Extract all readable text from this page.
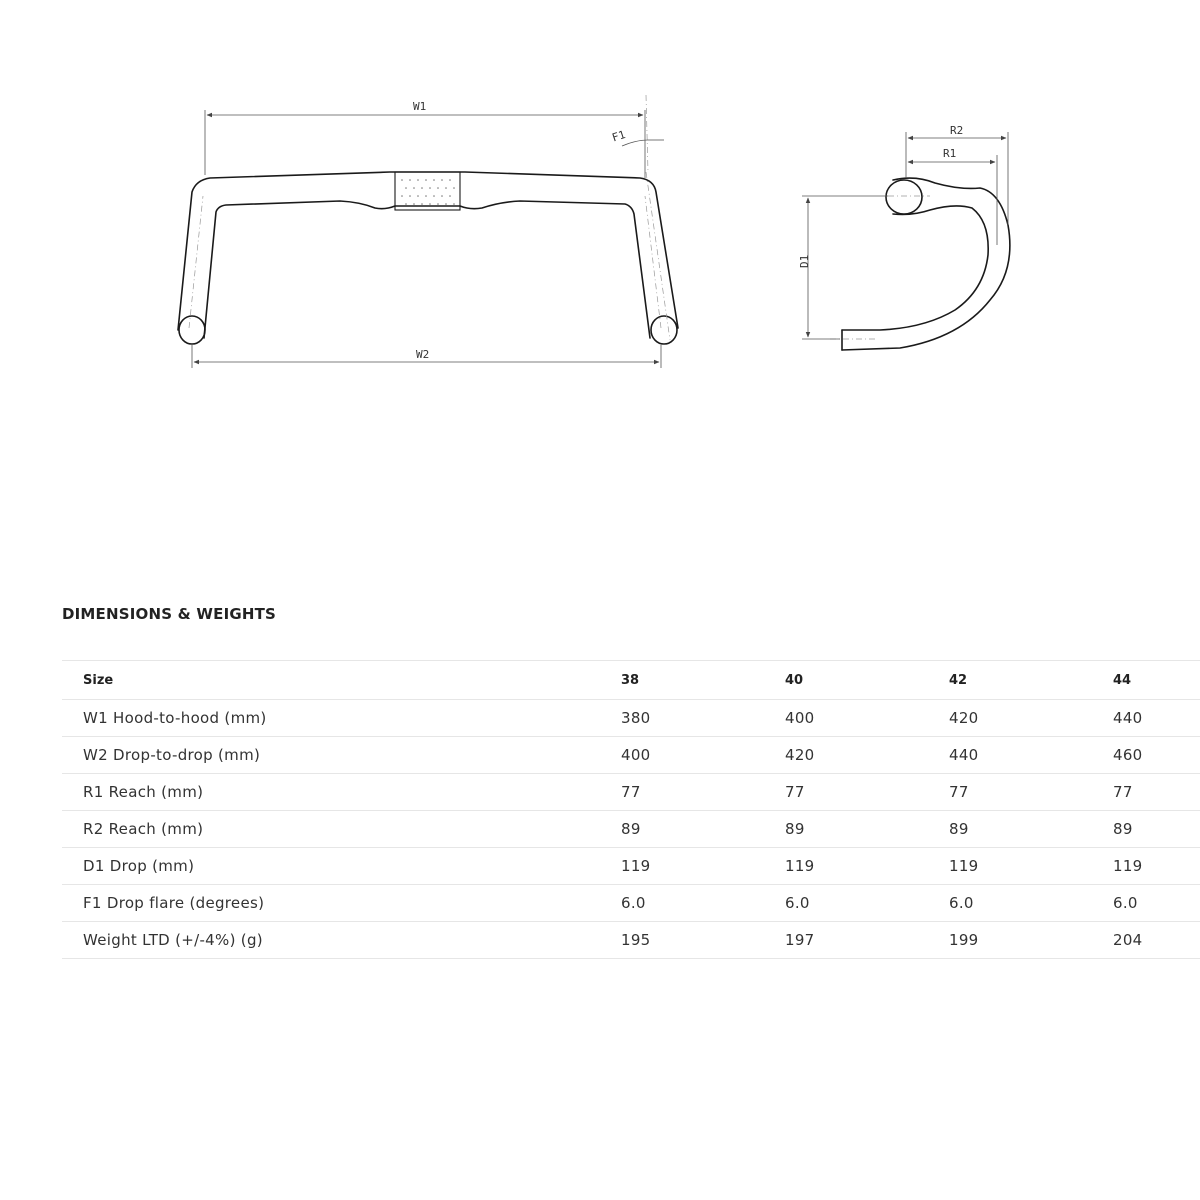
W1
F1
W2
R2
R1
D1
DIMENSIONS & WEIGHTS
Size	38	40	42	44
W1 Hood-to-hood (mm)	380	400	420	440
W2 Drop-to-drop (mm)	400	420	440	460
R1 Reach (mm)	77	77	77	77
R2 Reach (mm)	89	89	89	89
D1 Drop (mm)	119	119	119	119
F1 Drop flare (degrees)	6.0	6.0	6.0	6.0
Weight LTD (+/-4%) (g)	195	197	199	204
